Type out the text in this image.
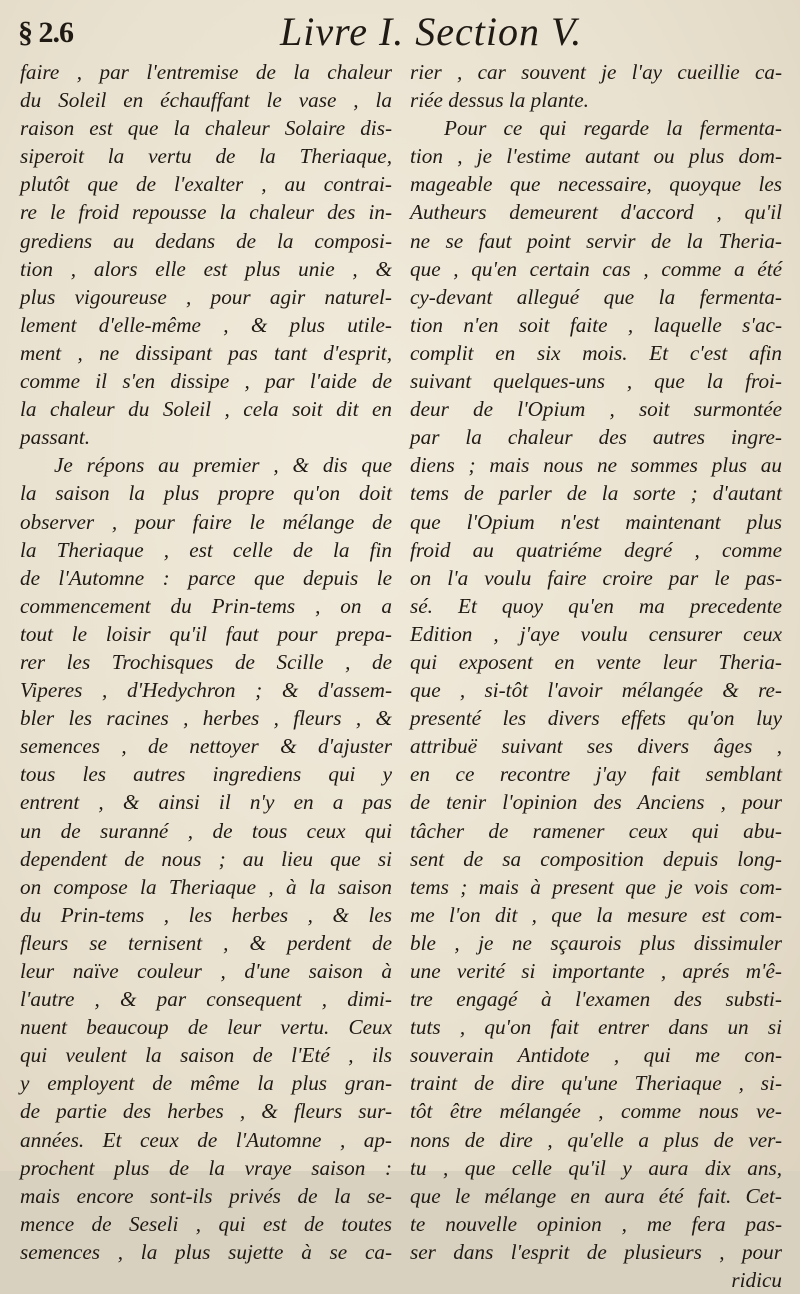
§ 2.6	Livre I. Section V.
faire , par l'entremise de la chaleur
du Soleil en échauffant le vase , la
raison est que la chaleur Solaire dis-
siperoit la vertu de la Theriaque,
plutôt que de l'exalter , au contrai-
re le froid repousse la chaleur des in-
grediens au dedans de la composi-
tion , alors elle est plus unie , &
plus vigoureuse , pour agir naturel-
lement d'elle-même , & plus utile-
ment , ne dissipant pas tant d'esprit,
comme il s'en dissipe , par l'aide de
la chaleur du Soleil , cela soit dit en
passant.
Je répons au premier , & dis que
la saison la plus propre qu'on doit
observer , pour faire le mélange de
la Theriaque , est celle de la fin
de l'Automne : parce que depuis le
commencement du Prin-tems , on a
tout le loisir qu'il faut pour prepa-
rer les Trochisques de Scille , de
Viperes , d'Hedychron ; & d'assem-
bler les racines , herbes , fleurs , &
semences , de nettoyer & d'ajuster
tous les autres ingrediens qui y
entrent , & ainsi il n'y en a pas
un de suranné , de tous ceux qui
dependent de nous ; au lieu que si
on compose la Theriaque , à la saison
du Prin-tems , les herbes , & les
fleurs se ternisent , & perdent de
leur naïve couleur , d'une saison à
l'autre , & par consequent , dimi-
nuent beaucoup de leur vertu. Ceux
qui veulent la saison de l'Eté , ils
y employent de même la plus gran-
de partie des herbes , & fleurs sur-
années. Et ceux de l'Automne , ap-
prochent plus de la vraye saison :
mais encore sont-ils privés de la se-
mence de Seseli , qui est de toutes
semences , la plus sujette à se ca-
rier , car souvent je l'ay cueillie ca-
riée dessus la plante.
Pour ce qui regarde la fermenta-
tion , je l'estime autant ou plus dom-
mageable que necessaire, quoyque les
Autheurs demeurent d'accord , qu'il
ne se faut point servir de la Theria-
que , qu'en certain cas , comme a été
cy-devant allegué que la fermenta-
tion n'en soit faite , laquelle s'ac-
complit en six mois. Et c'est afin
suivant quelques-uns , que la froi-
deur de l'Opium , soit surmontée
par la chaleur des autres ingre-
diens ; mais nous ne sommes plus au
tems de parler de la sorte ; d'autant
que l'Opium n'est maintenant plus
froid au quatriéme degré , comme
on l'a voulu faire croire par le pas-
sé. Et quoy qu'en ma precedente
Edition , j'aye voulu censurer ceux
qui exposent en vente leur Theria-
que , si-tôt l'avoir mélangée & re-
presenté les divers effets qu'on luy
attribuë suivant ses divers âges ,
en ce recontre j'ay fait semblant
de tenir l'opinion des Anciens , pour
tâcher de ramener ceux qui abu-
sent de sa composition depuis long-
tems ; mais à present que je vois com-
me l'on dit , que la mesure est com-
ble , je ne sçaurois plus dissimuler
une verité si importante , aprés m'ê-
tre engagé à l'examen des substi-
tuts , qu'on fait entrer dans un si
souverain Antidote , qui me con-
traint de dire qu'une Theriaque , si-
tôt être mélangée , comme nous ve-
nons de dire , qu'elle a plus de ver-
tu , que celle qu'il y aura dix ans,
que le mélange en aura été fait. Cet-
te nouvelle opinion , me fera pas-
ser dans l'esprit de plusieurs , pour
ridicu
